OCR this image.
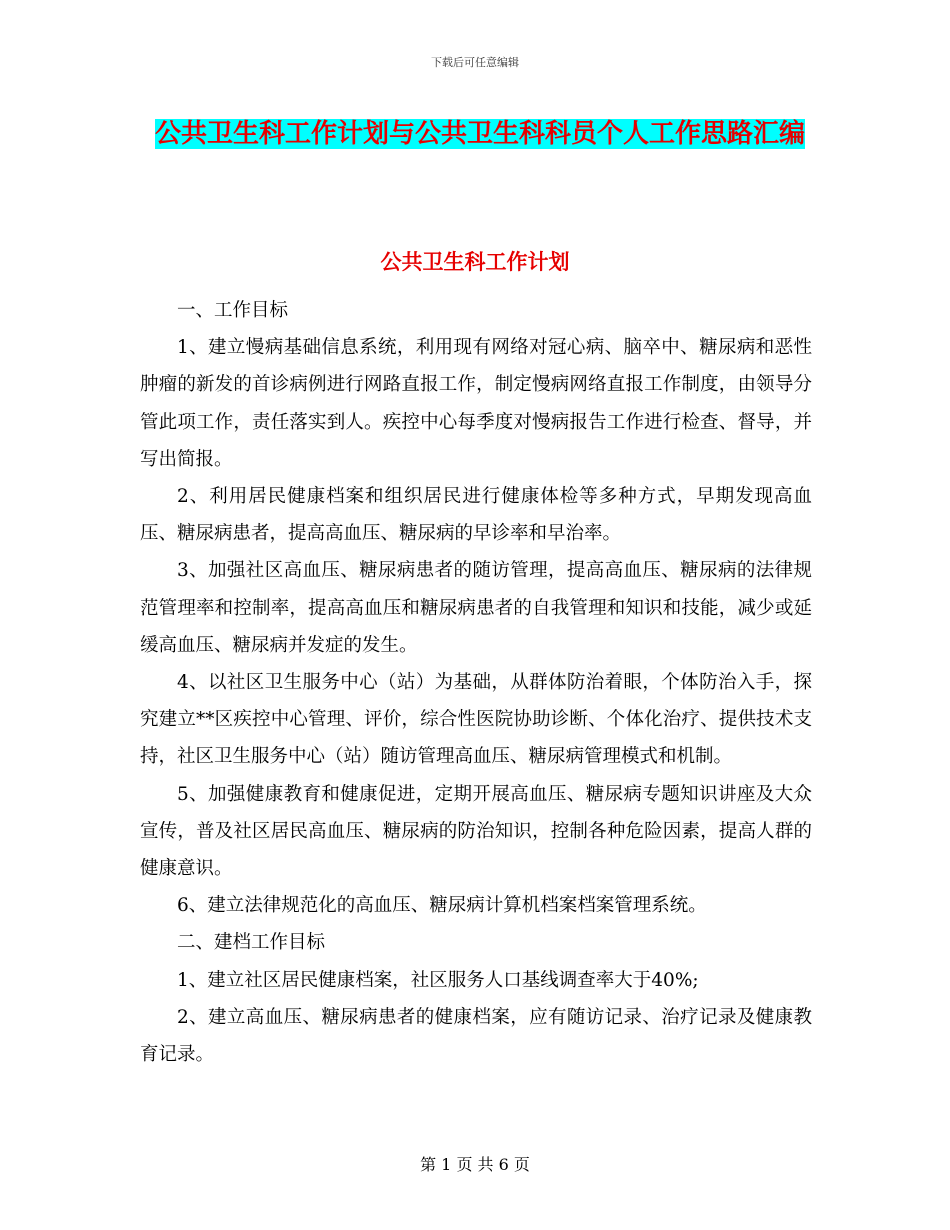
下载后可任意编辑
公共卫生科工作计划与公共卫生科科员个人工作思路汇编
公共卫生科工作计划

一、工作目标

1、建立慢病基础信息系统，利用现有网络对冠心病、脑卒中、糖尿病和恶性肿瘤的新发的首诊病例进行网路直报工作，制定慢病网络直报工作制度，由领导分管此项工作，责任落实到人。疾控中心每季度对慢病报告工作进行检查、督导，并写出简报。

2、利用居民健康档案和组织居民进行健康体检等多种方式，早期发现高血压、糖尿病患者，提高高血压、糖尿病的早诊率和早治率。

3、加强社区高血压、糖尿病患者的随访管理，提高高血压、糖尿病的法律规范管理率和控制率，提高高血压和糖尿病患者的自我管理和知识和技能，减少或延缓高血压、糖尿病并发症的发生。

4、以社区卫生服务中心（站）为基础，从群体防治着眼，个体防治入手，探究建立**区疾控中心管理、评价，综合性医院协助诊断、个体化治疗、提供技术支持，社区卫生服务中心（站）随访管理高血压、糖尿病管理模式和机制。

5、加强健康教育和健康促进，定期开展高血压、糖尿病专题知识讲座及大众宣传，普及社区居民高血压、糖尿病的防治知识，控制各种危险因素，提高人群的健康意识。

6、建立法律规范化的高血压、糖尿病计算机档案档案管理系统。

二、建档工作目标

1、建立社区居民健康档案，社区服务人口基线调查率大于40%;

2、建立高血压、糖尿病患者的健康档案，应有随访记录、治疗记录及健康教育记录。

第 1 页 共 6 页
